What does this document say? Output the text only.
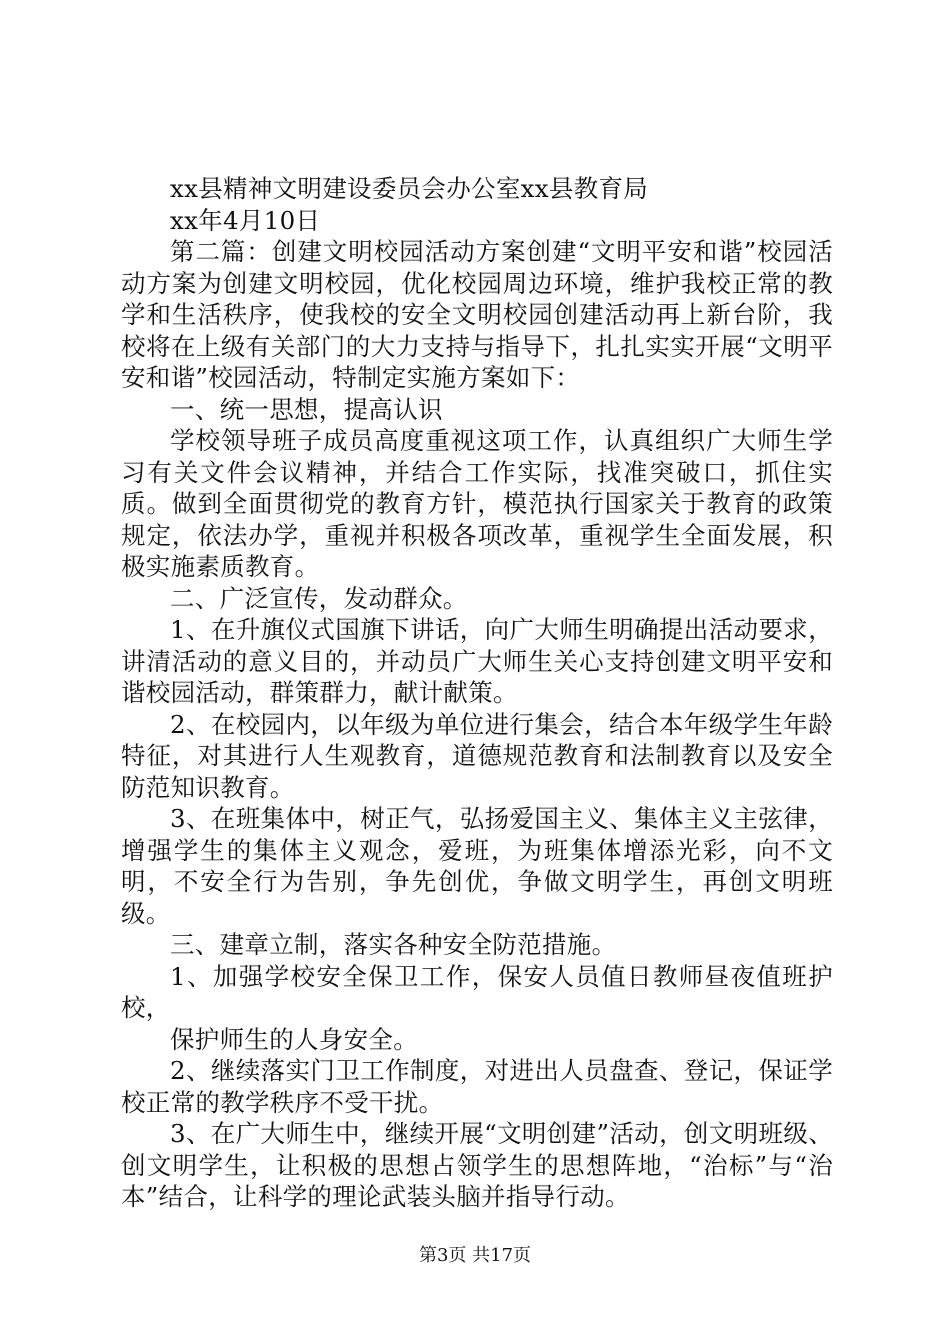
xx县精神文明建设委员会办公室xx县教育局

xx年4月10日

第二篇：创建文明校园活动方案创建“文明平安和谐”校园活动方案为创建文明校园，优化校园周边环境，维护我校正常的教学和生活秩序，使我校的安全文明校园创建活动再上新台阶，我校将在上级有关部门的大力支持与指导下，扎扎实实开展“文明平安和谐”校园活动，特制定实施方案如下：

一、统一思想，提高认识

学校领导班子成员高度重视这项工作，认真组织广大师生学习有关文件会议精神，并结合工作实际，找准突破口，抓住实质。做到全面贯彻党的教育方针，模范执行国家关于教育的政策规定，依法办学，重视并积极各项改革，重视学生全面发展，积极实施素质教育。

二、广泛宣传，发动群众。

1、在升旗仪式国旗下讲话，向广大师生明确提出活动要求，讲清活动的意义目的，并动员广大师生关心支持创建文明平安和谐校园活动，群策群力，献计献策。

2、在校园内，以年级为单位进行集会，结合本年级学生年龄特征，对其进行人生观教育，道德规范教育和法制教育以及安全防范知识教育。

3、在班集体中，树正气，弘扬爱国主义、集体主义主弦律，增强学生的集体主义观念，爱班，为班集体增添光彩，向不文明，不安全行为告别，争先创优，争做文明学生，再创文明班级。

三、建章立制，落实各种安全防范措施。

1、加强学校安全保卫工作，保安人员值日教师昼夜值班护校，

保护师生的人身安全。

2、继续落实门卫工作制度，对进出人员盘查、登记，保证学校正常的教学秩序不受干扰。

3、在广大师生中，继续开展“文明创建”活动，创文明班级、创文明学生，让积极的思想占领学生的思想阵地，“治标”与“治本”结合，让科学的理论武装头脑并指导行动。

第3页 共17页
